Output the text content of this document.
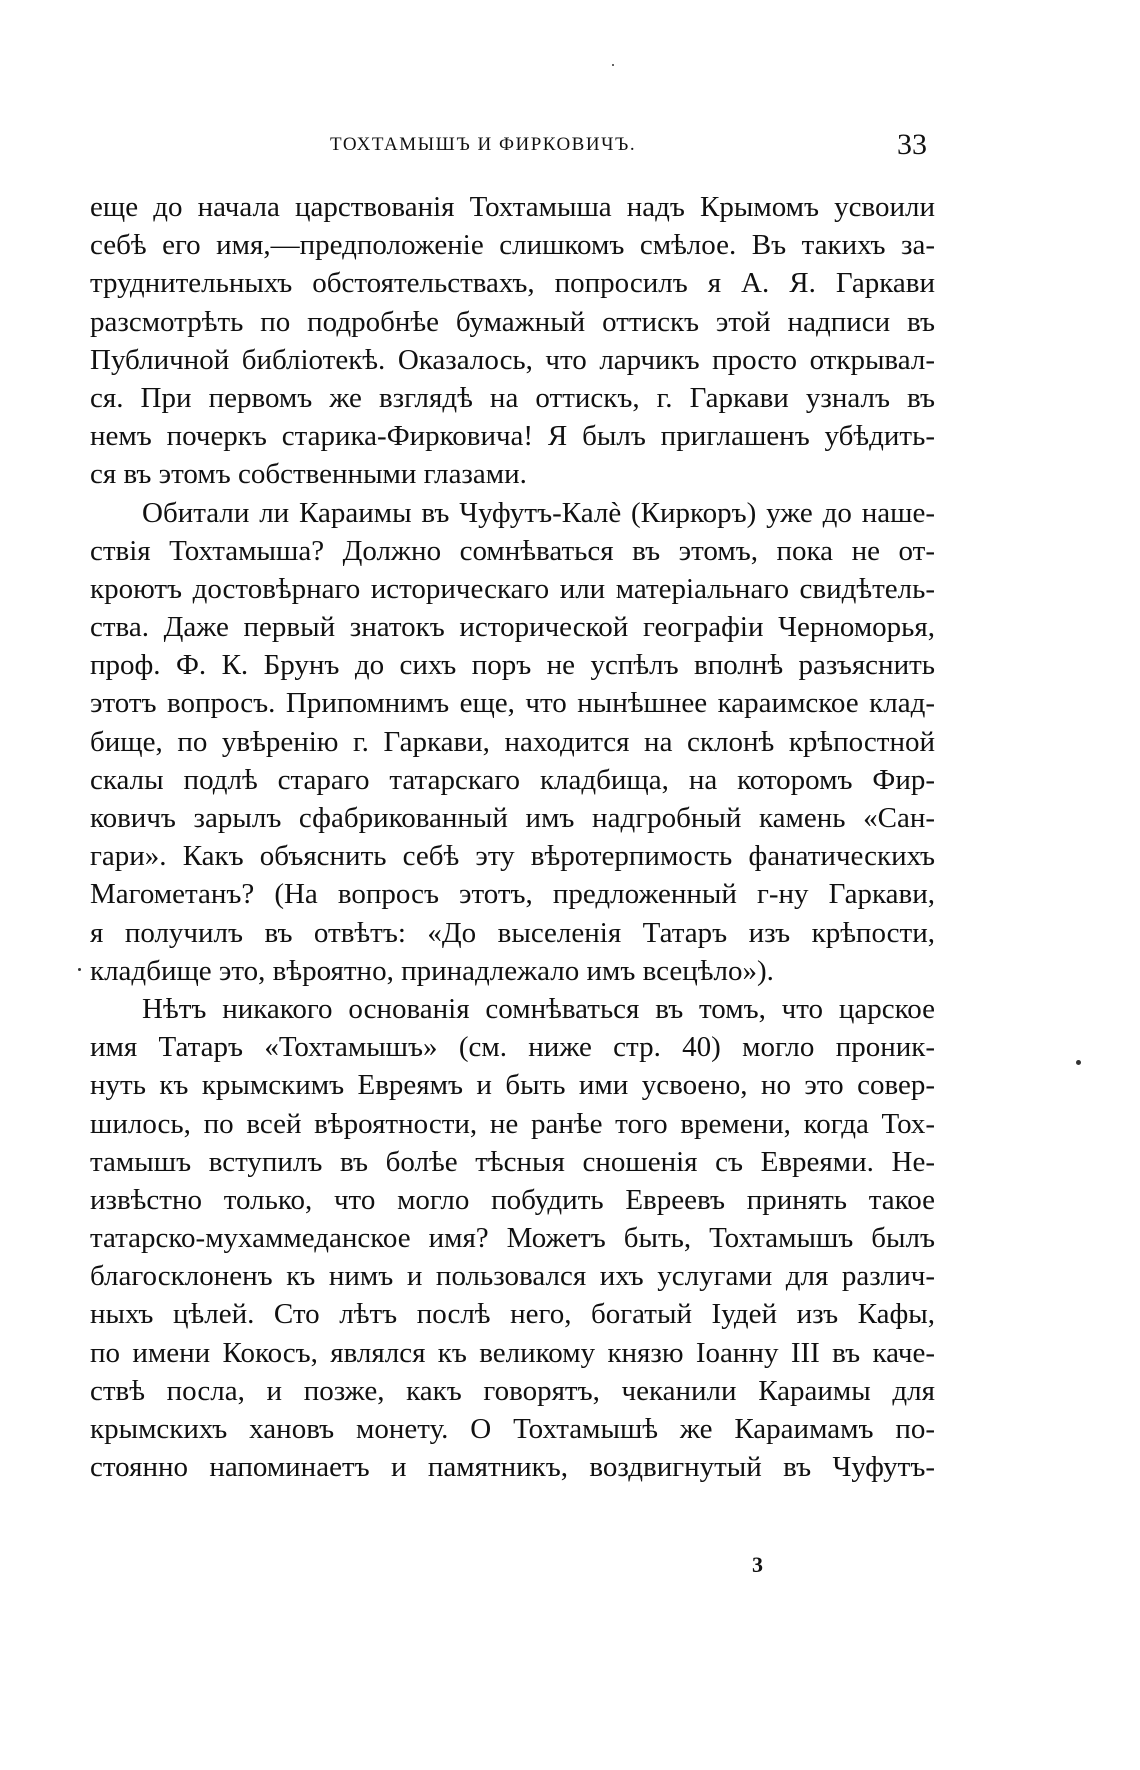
ТОХТАМЫШЪ И ФИРКОВИЧЪ.	33
еще до начала царствованія Тохтамыша надъ Крымомъ усвоили
себѣ его имя,—предположеніе слишкомъ смѣлое. Въ такихъ за-
труднительныхъ обстоятельствахъ, попросилъ я А. Я. Гаркави
разсмотрѣть по подробнѣе бумажный оттискъ этой надписи въ
Публичной библіотекѣ. Оказалось, что ларчикъ просто открывал-
ся. При первомъ же взглядѣ на оттискъ, г. Гаркави узналъ въ
немъ почеркъ старика-Фирковича! Я былъ приглашенъ убѣдить-
ся въ этомъ собственными глазами.
Обитали ли Караимы въ Чуфутъ-Калѐ (Киркоръ) уже до наше-
ствія Тохтамыша? Должно сомнѣваться въ этомъ, пока не от-
кроютъ достовѣрнаго историческаго или матеріальнаго свидѣтель-
ства. Даже первый знатокъ исторической географіи Черноморья,
проф. Ф. К. Брунъ до сихъ поръ не успѣлъ вполнѣ разъяснить
этотъ вопросъ. Припомнимъ еще, что нынѣшнее караимское клад-
бище, по увѣренію г. Гаркави, находится на склонѣ крѣпостной
скалы подлѣ стараго татарскаго кладбища, на которомъ Фир-
ковичъ зарылъ сфабрикованный имъ надгробный камень «Сан-
гари». Какъ объяснить себѣ эту вѣротерпимость фанатическихъ
Магометанъ? (На вопросъ этотъ, предложенный г-ну Гаркави,
я получилъ въ отвѣтъ: «До выселенія Татаръ изъ крѣпости,
кладбище это, вѣроятно, принадлежало имъ всецѣло»).
Нѣтъ никакого основанія сомнѣваться въ томъ, что царское
имя Татаръ «Тохтамышъ» (см. ниже стр. 40) могло проник-
нуть къ крымскимъ Евреямъ и быть ими усвоено, но это совер-
шилось, по всей вѣроятности, не ранѣе того времени, когда Тох-
тамышъ вступилъ въ болѣе тѣсныя сношенія съ Евреями. Не-
извѣстно только, что могло побудить Евреевъ принять такое
татарско-мухаммеданское имя? Можетъ быть, Тохтамышъ былъ
благосклоненъ къ нимъ и пользовался ихъ услугами для различ-
ныхъ цѣлей. Сто лѣтъ послѣ него, богатый Іудей изъ Кафы,
по имени Кокосъ, являлся къ великому князю Іоанну III въ каче-
ствѣ посла, и позже, какъ говорятъ, чеканили Караимы для
крымскихъ хановъ монету. О Тохтамышѣ же Караимамъ по-
стоянно напоминаетъ и памятникъ, воздвигнутый въ Чуфутъ-
3
